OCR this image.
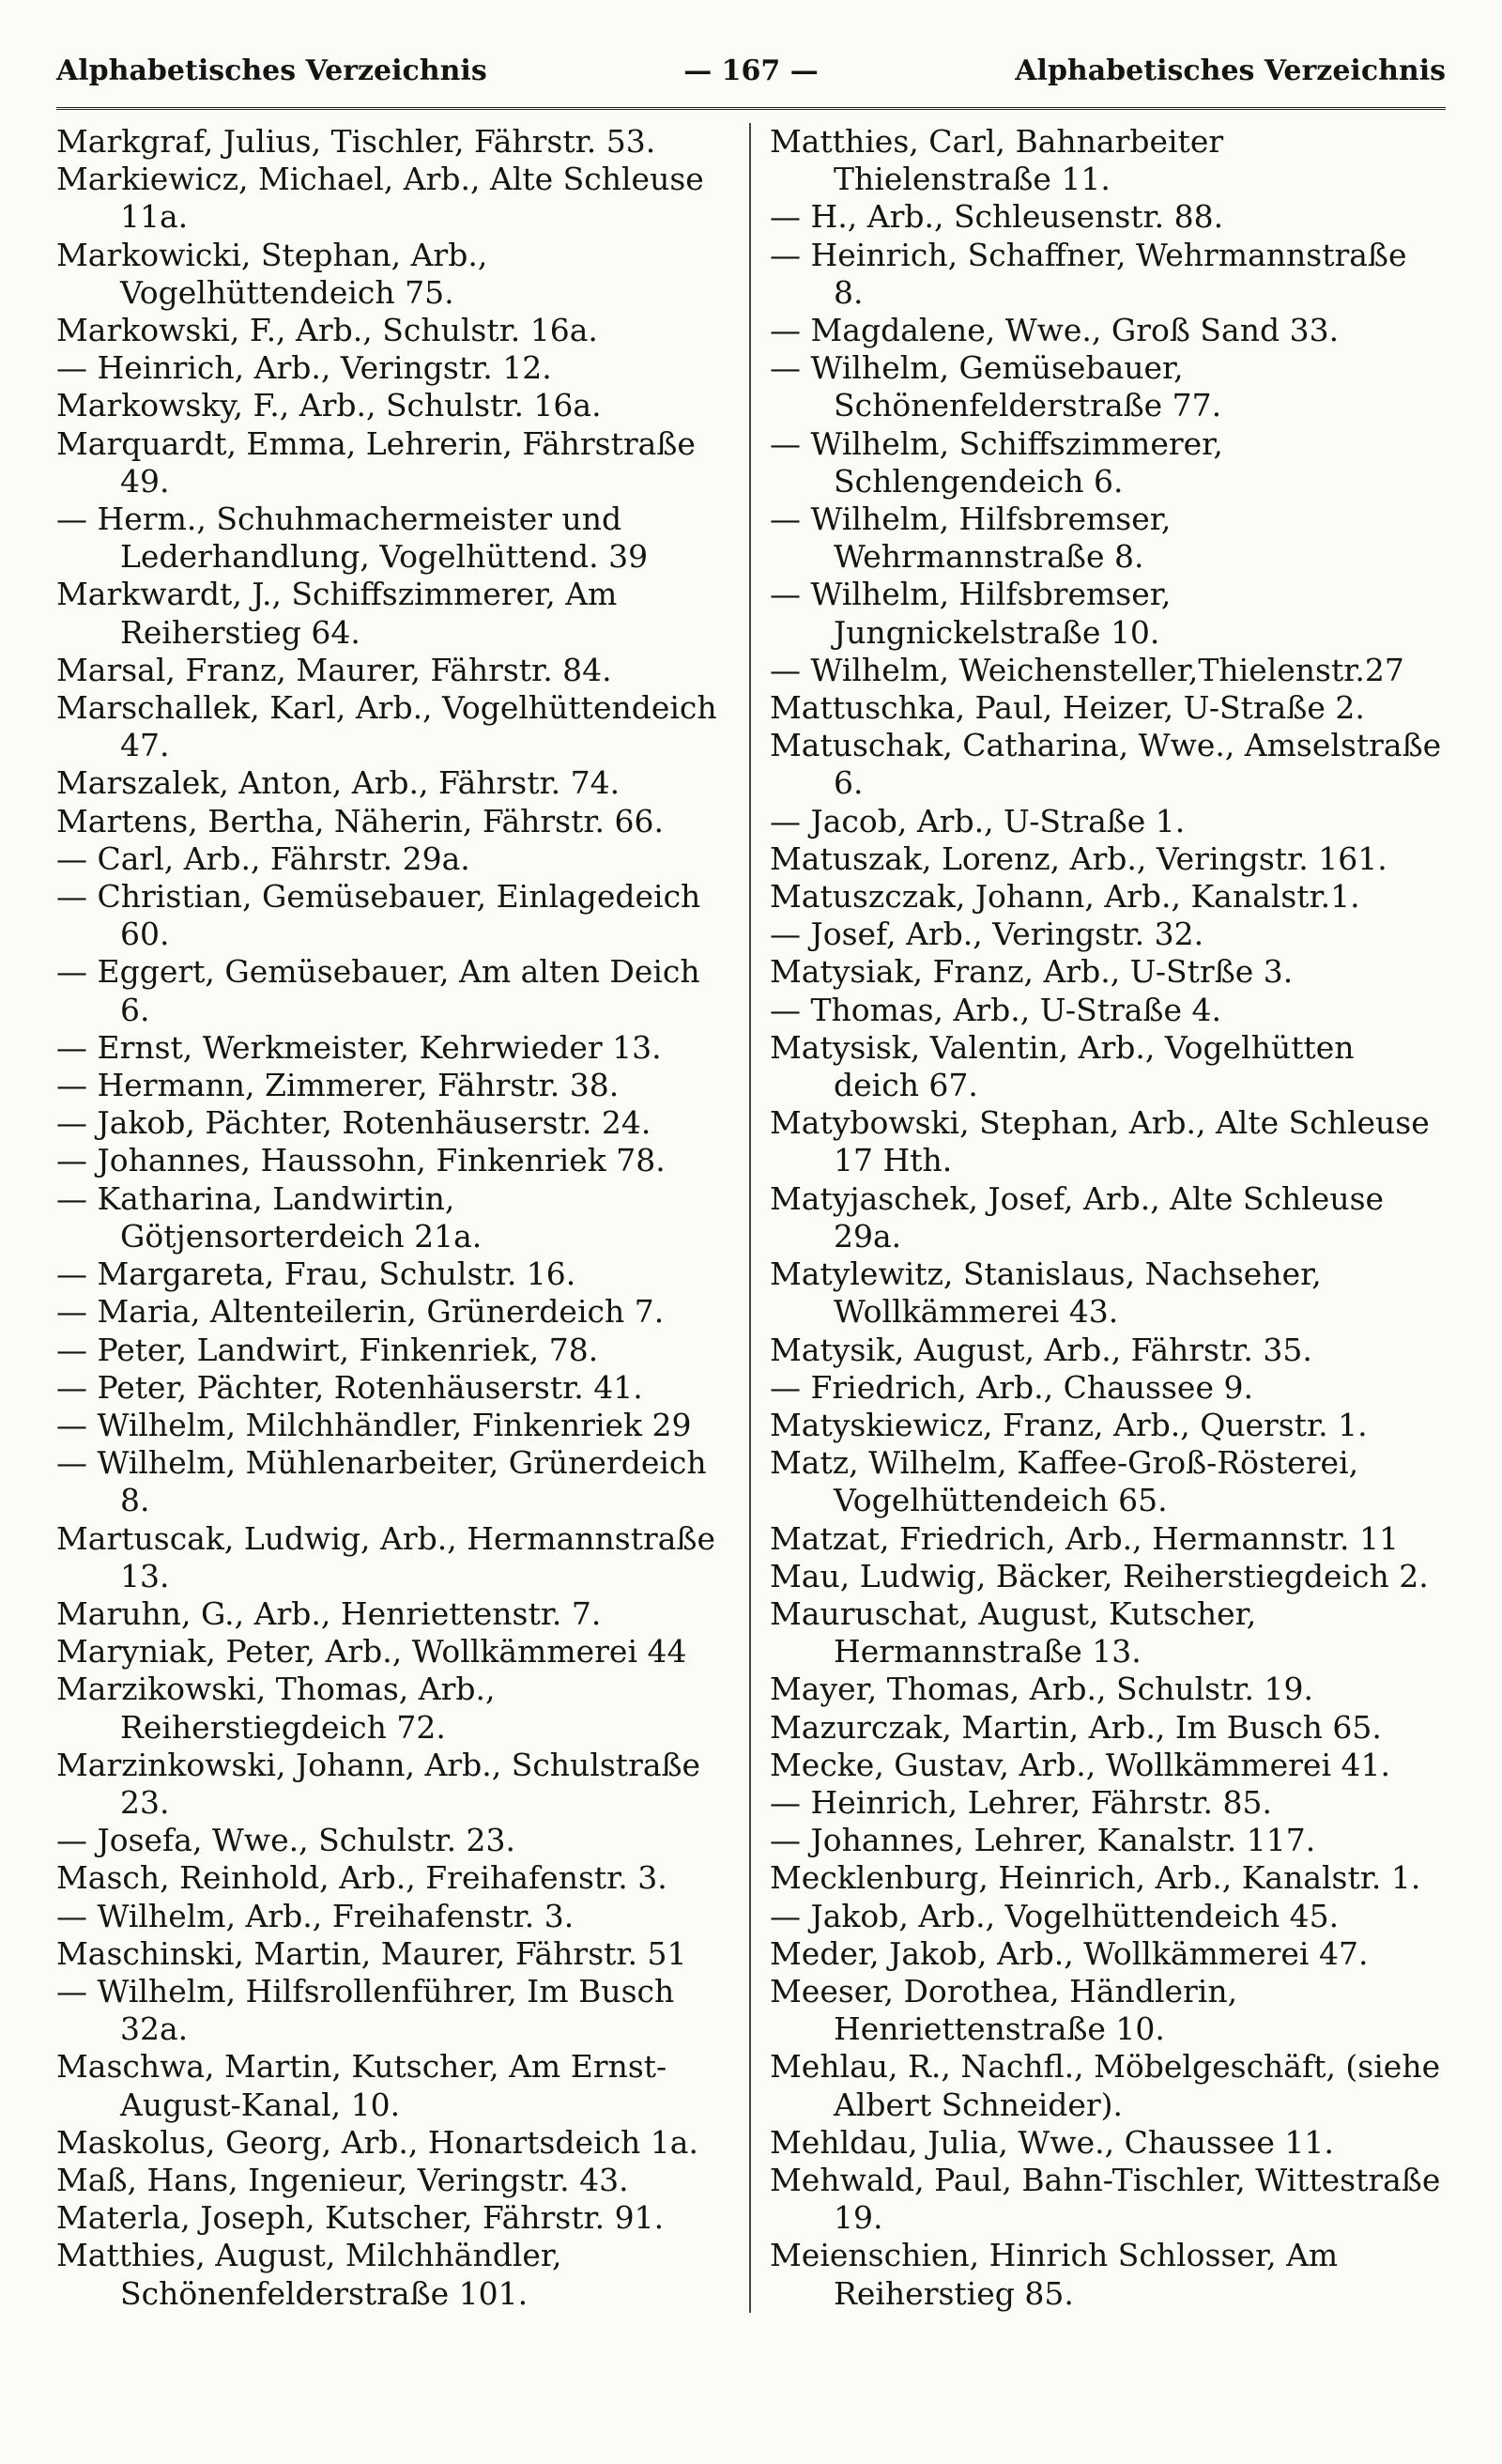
Alphabetisches Verzeichnis	— 167 —	Alphabetisches Verzeichnis
Markgraf, Julius, Tischler, Fährstr. 53.
Markiewicz, Michael, Arb., Alte Schleuse 11a.
Markowicki, Stephan, Arb., Vogelhüttendeich 75.
Markowski, F., Arb., Schulstr. 16a.
— Heinrich, Arb., Veringstr. 12.
Markowsky, F., Arb., Schulstr. 16a.
Marquardt, Emma, Lehrerin, Fährstraße 49.
— Herm., Schuhmachermeister und Lederhandlung, Vogelhüttend. 39
Markwardt, J., Schiffszimmerer, Am Reiherstieg 64.
Marsal, Franz, Maurer, Fährstr. 84.
Marschallek, Karl, Arb., Vogelhüttendeich 47.
Marszalek, Anton, Arb., Fährstr. 74.
Martens, Bertha, Näherin, Fährstr. 66.
— Carl, Arb., Fährstr. 29a.
— Christian, Gemüsebauer, Einlagedeich 60.
— Eggert, Gemüsebauer, Am alten Deich 6.
— Ernst, Werkmeister, Kehrwieder 13.
— Hermann, Zimmerer, Fährstr. 38.
— Jakob, Pächter, Rotenhäuserstr. 24.
— Johannes, Haussohn, Finkenriek 78.
— Katharina, Landwirtin, Götjensorterdeich 21a.
— Margareta, Frau, Schulstr. 16.
— Maria, Altenteilerin, Grünerdeich 7.
— Peter, Landwirt, Finkenriek, 78.
— Peter, Pächter, Rotenhäuserstr. 41.
— Wilhelm, Milchhändler, Finkenriek 29
— Wilhelm, Mühlenarbeiter, Grünerdeich 8.
Martuscak, Ludwig, Arb., Hermannstraße 13.
Maruhn, G., Arb., Henriettenstr. 7.
Maryniak, Peter, Arb., Wollkämmerei 44
Marzikowski, Thomas, Arb., Reiherstiegdeich 72.
Marzinkowski, Johann, Arb., Schulstraße 23.
— Josefa, Wwe., Schulstr. 23.
Masch, Reinhold, Arb., Freihafenstr. 3.
— Wilhelm, Arb., Freihafenstr. 3.
Maschinski, Martin, Maurer, Fährstr. 51
— Wilhelm, Hilfsrollenführer, Im Busch 32a.
Maschwa, Martin, Kutscher, Am Ernst-August-Kanal, 10.
Maskolus, Georg, Arb., Honartsdeich 1a.
Maß, Hans, Ingenieur, Veringstr. 43.
Materla, Joseph, Kutscher, Fährstr. 91.
Matthies, August, Milchhändler, Schönenfelderstraße 101.
Matthies, Carl, Bahnarbeiter Thielenstraße 11.
— H., Arb., Schleusenstr. 88.
— Heinrich, Schaffner, Wehrmannstraße 8.
— Magdalene, Wwe., Groß Sand 33.
— Wilhelm, Gemüsebauer, Schönenfelderstraße 77.
— Wilhelm, Schiffszimmerer, Schlengendeich 6.
— Wilhelm, Hilfsbremser, Wehrmannstraße 8.
— Wilhelm, Hilfsbremser, Jungnickelstraße 10.
— Wilhelm, Weichensteller,Thielenstr.27
Mattuschka, Paul, Heizer, U-Straße 2.
Matuschak, Catharina, Wwe., Amselstraße 6.
— Jacob, Arb., U-Straße 1.
Matuszak, Lorenz, Arb., Veringstr. 161.
Matuszczak, Johann, Arb., Kanalstr.1.
— Josef, Arb., Veringstr. 32.
Matysiak, Franz, Arb., U-Strße 3.
— Thomas, Arb., U-Straße 4.
Matysisk, Valentin, Arb., Vogelhütten deich 67.
Matybowski, Stephan, Arb., Alte Schleuse 17 Hth.
Matyjaschek, Josef, Arb., Alte Schleuse 29a.
Matylewitz, Stanislaus, Nachseher, Wollkämmerei 43.
Matysik, August, Arb., Fährstr. 35.
— Friedrich, Arb., Chaussee 9.
Matyskiewicz, Franz, Arb., Querstr. 1.
Matz, Wilhelm, Kaffee-Groß-Rösterei, Vogelhüttendeich 65.
Matzat, Friedrich, Arb., Hermannstr. 11
Mau, Ludwig, Bäcker, Reiherstiegdeich 2.
Mauruschat, August, Kutscher, Hermannstraße 13.
Mayer, Thomas, Arb., Schulstr. 19.
Mazurczak, Martin, Arb., Im Busch 65.
Mecke, Gustav, Arb., Wollkämmerei 41.
— Heinrich, Lehrer, Fährstr. 85.
— Johannes, Lehrer, Kanalstr. 117.
Mecklenburg, Heinrich, Arb., Kanalstr. 1.
— Jakob, Arb., Vogelhüttendeich 45.
Meder, Jakob, Arb., Wollkämmerei 47.
Meeser, Dorothea, Händlerin, Henriettenstraße 10.
Mehlau, R., Nachfl., Möbelgeschäft, (siehe Albert Schneider).
Mehldau, Julia, Wwe., Chaussee 11.
Mehwald, Paul, Bahn-Tischler, Wittestraße 19.
Meienschien, Hinrich Schlosser, Am Reiherstieg 85.
